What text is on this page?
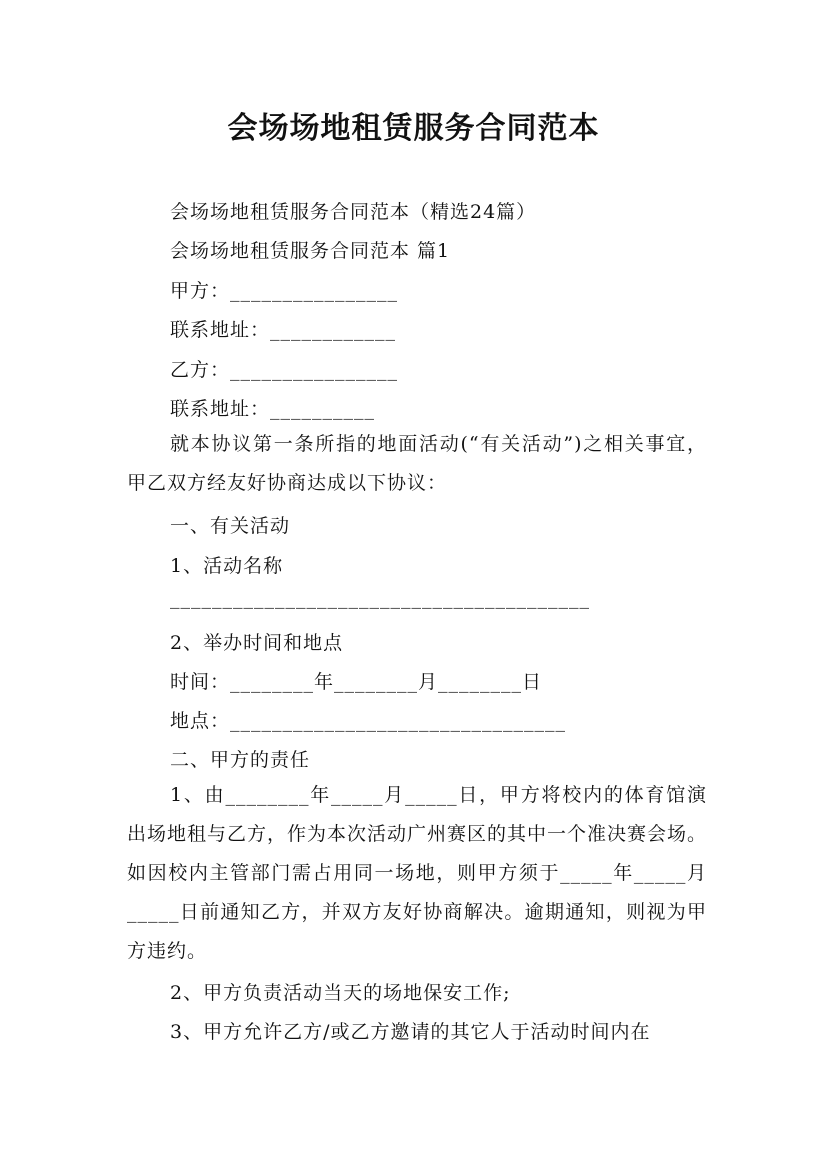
会场场地租赁服务合同范本
会场场地租赁服务合同范本（精选24篇）
会场场地租赁服务合同范本 篇1
甲方：________________
联系地址：____________
乙方：________________
联系地址：__________

就本协议第一条所指的地面活动(“有关活动”)之相关事宜，甲乙双方经友好协商达成以下协议：

一、有关活动
1、活动名称
________________________________________
2、举办时间和地点
时间：________年________月________日
地点：________________________________
二、甲方的责任

1、由________年_____月_____日，甲方将校内的体育馆演出场地租与乙方，作为本次活动广州赛区的其中一个准决赛会场。如因校内主管部门需占用同一场地，则甲方须于_____年_____月_____日前通知乙方，并双方友好协商解决。逾期通知，则视为甲方违约。

2、甲方负责活动当天的场地保安工作;
3、甲方允许乙方/或乙方邀请的其它人于活动时间内在
